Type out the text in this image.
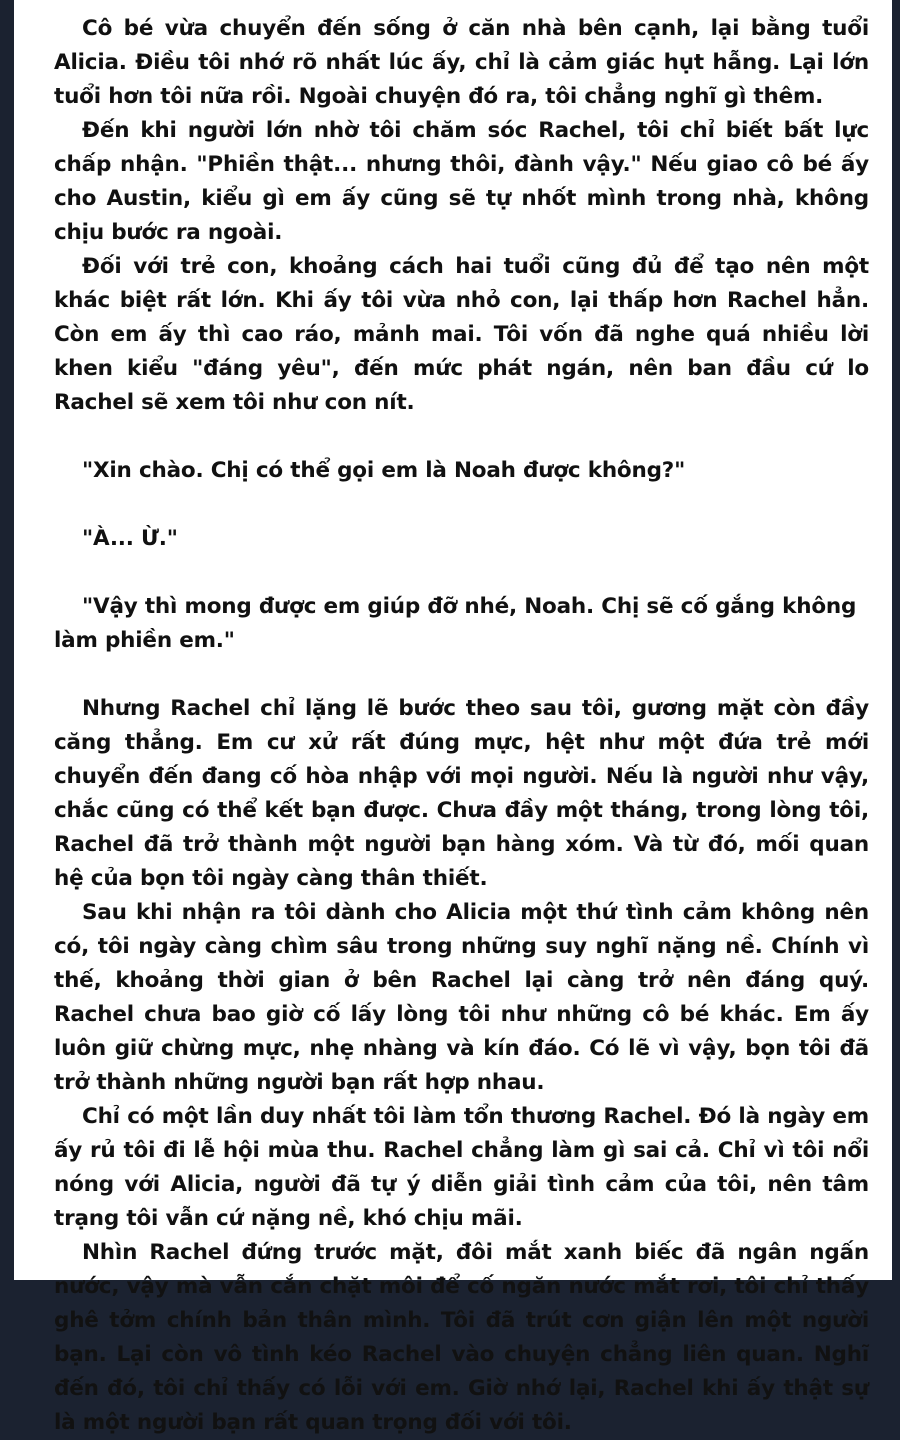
Cô bé vừa chuyển đến sống ở căn nhà bên cạnh, lại bằng tuổi Alicia. Điều tôi nhớ rõ nhất lúc ấy, chỉ là cảm giác hụt hẫng. Lại lớn tuổi hơn tôi nữa rồi. Ngoài chuyện đó ra, tôi chẳng nghĩ gì thêm.

Đến khi người lớn nhờ tôi chăm sóc Rachel, tôi chỉ biết bất lực chấp nhận. "Phiền thật... nhưng thôi, đành vậy." Nếu giao cô bé ấy cho Austin, kiểu gì em ấy cũng sẽ tự nhốt mình trong nhà, không chịu bước ra ngoài.

Đối với trẻ con, khoảng cách hai tuổi cũng đủ để tạo nên một khác biệt rất lớn. Khi ấy tôi vừa nhỏ con, lại thấp hơn Rachel hẳn. Còn em ấy thì cao ráo, mảnh mai. Tôi vốn đã nghe quá nhiều lời khen kiểu "đáng yêu", đến mức phát ngán, nên ban đầu cứ lo Rachel sẽ xem tôi như con nít.

"Xin chào. Chị có thể gọi em là Noah được không?"

"À... Ừ."

"Vậy thì mong được em giúp đỡ nhé, Noah. Chị sẽ cố gắng không làm phiền em."

Nhưng Rachel chỉ lặng lẽ bước theo sau tôi, gương mặt còn đầy căng thẳng. Em cư xử rất đúng mực, hệt như một đứa trẻ mới chuyển đến đang cố hòa nhập với mọi người. Nếu là người như vậy, chắc cũng có thể kết bạn được. Chưa đầy một tháng, trong lòng tôi, Rachel đã trở thành một người bạn hàng xóm. Và từ đó, mối quan hệ của bọn tôi ngày càng thân thiết.

Sau khi nhận ra tôi dành cho Alicia một thứ tình cảm không nên có, tôi ngày càng chìm sâu trong những suy nghĩ nặng nề. Chính vì thế, khoảng thời gian ở bên Rachel lại càng trở nên đáng quý. Rachel chưa bao giờ cố lấy lòng tôi như những cô bé khác. Em ấy luôn giữ chừng mực, nhẹ nhàng và kín đáo. Có lẽ vì vậy, bọn tôi đã trở thành những người bạn rất hợp nhau.

Chỉ có một lần duy nhất tôi làm tổn thương Rachel. Đó là ngày em ấy rủ tôi đi lễ hội mùa thu. Rachel chẳng làm gì sai cả. Chỉ vì tôi nổi nóng với Alicia, người đã tự ý diễn giải tình cảm của tôi, nên tâm trạng tôi vẫn cứ nặng nề, khó chịu mãi.

Nhìn Rachel đứng trước mặt, đôi mắt xanh biếc đã ngân ngấn nước, vậy mà vẫn cắn chặt môi để cố ngăn nước mắt rơi, tôi chỉ thấy ghê tởm chính bản thân mình. Tôi đã trút cơn giận lên một người bạn. Lại còn vô tình kéo Rachel vào chuyện chẳng liên quan. Nghĩ đến đó, tôi chỉ thấy có lỗi với em. Giờ nhớ lại, Rachel khi ấy thật sự là một người bạn rất quan trọng đối với tôi.
